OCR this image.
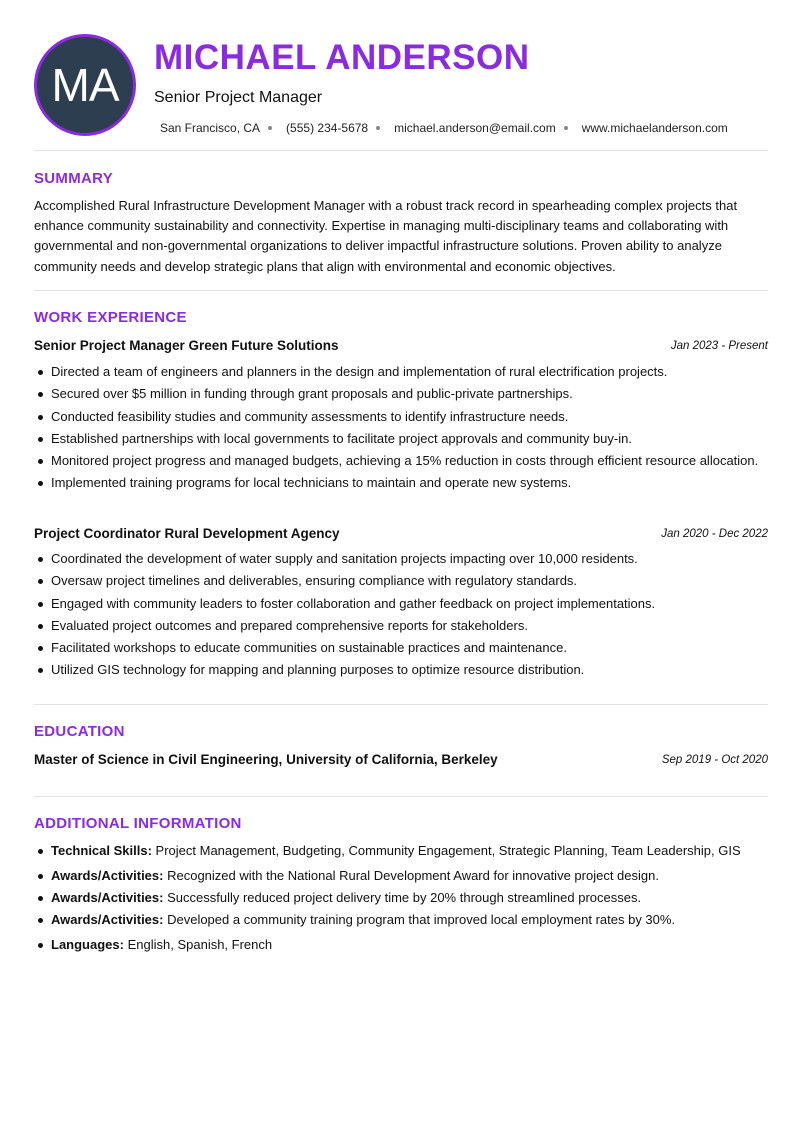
MA
MICHAEL ANDERSON
Senior Project Manager
San Francisco, CA (555) 234-5678 michael.anderson@email.com www.michaelanderson.com
SUMMARY

Accomplished Rural Infrastructure Development Manager with a robust track record in spearheading complex projects that enhance community sustainability and connectivity. Expertise in managing multi-disciplinary teams and collaborating with governmental and non-governmental organizations to deliver impactful infrastructure solutions. Proven ability to analyze community needs and develop strategic plans that align with environmental and economic objectives.

WORK EXPERIENCE
Senior Project Manager Green Future Solutions	Jan 2023 - Present
Directed a team of engineers and planners in the design and implementation of rural electrification projects.
Secured over $5 million in funding through grant proposals and public-private partnerships.
Conducted feasibility studies and community assessments to identify infrastructure needs.
Established partnerships with local governments to facilitate project approvals and community buy-in.
Monitored project progress and managed budgets, achieving a 15% reduction in costs through efficient resource allocation.
Implemented training programs for local technicians to maintain and operate new systems.
Project Coordinator Rural Development Agency	Jan 2020 - Dec 2022
Coordinated the development of water supply and sanitation projects impacting over 10,000 residents.
Oversaw project timelines and deliverables, ensuring compliance with regulatory standards.
Engaged with community leaders to foster collaboration and gather feedback on project implementations.
Evaluated project outcomes and prepared comprehensive reports for stakeholders.
Facilitated workshops to educate communities on sustainable practices and maintenance.
Utilized GIS technology for mapping and planning purposes to optimize resource distribution.
EDUCATION
Master of Science in Civil Engineering, University of California, Berkeley	Sep 2019 - Oct 2020
ADDITIONAL INFORMATION
Technical Skills: Project Management, Budgeting, Community Engagement, Strategic Planning, Team Leadership, GIS
Awards/Activities: Recognized with the National Rural Development Award for innovative project design.
Awards/Activities: Successfully reduced project delivery time by 20% through streamlined processes.
Awards/Activities: Developed a community training program that improved local employment rates by 30%.
Languages: English, Spanish, French
